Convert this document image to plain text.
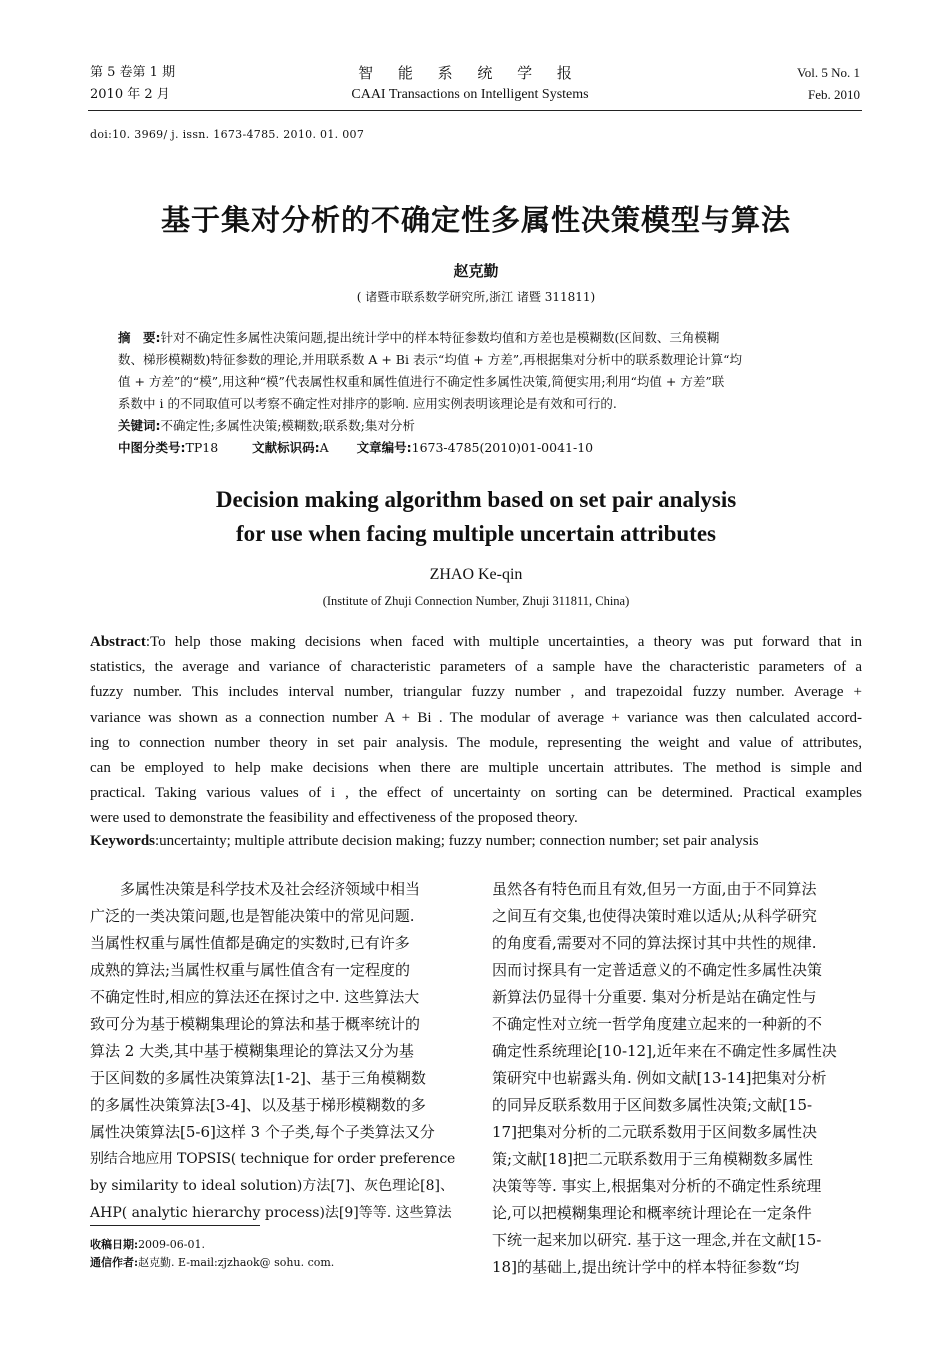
第 5 卷第 1 期
2010 年 2 月
智 能 系 统 学 报
CAAI Transactions on Intelligent Systems
Vol. 5 No. 1
Feb. 2010
doi:10. 3969/ j. issn. 1673-4785. 2010. 01. 007
基于集对分析的不确定性多属性决策模型与算法
赵克勤
( 诸暨市联系数学研究所,浙江 诸暨 311811)
摘　要:针对不确定性多属性决策问题,提出统计学中的样本特征参数均值和方差也是模糊数(区间数、三角模糊
数、梯形模糊数)特征参数的理论,并用联系数 A + Bi 表示“均值 + 方差”,再根据集对分析中的联系数理论计算“均
值 + 方差”的“模”,用这种“模”代表属性权重和属性值进行不确定性多属性决策,简便实用;利用“均值 + 方差”联
系数中 i 的不同取值可以考察不确定性对排序的影响. 应用实例表明该理论是有效和可行的.
关键词:不确定性;多属性决策;模糊数;联系数;集对分析
中图分类号:TP18	文献标识码:A 文章编号:1673-4785(2010)01-0041-10
Decision making algorithm based on set pair analysis
for use when facing multiple uncertain attributes
ZHAO Ke-qin
(Institute of Zhuji Connection Number, Zhuji 311811, China)
Abstract:To help those making decisions when faced with multiple uncertainties, a theory was put forward that in
statistics, the average and variance of characteristic parameters of a sample have the characteristic parameters of a
fuzzy number. This includes interval number, triangular fuzzy number , and trapezoidal fuzzy number. Average +
variance was shown as a connection number A + Bi . The modular of average + variance was then calculated accord-
ing to connection number theory in set pair analysis. The module, representing the weight and value of attributes,
can be employed to help make decisions when there are multiple uncertain attributes. The method is simple and
practical. Taking various values of i , the effect of uncertainty on sorting can be determined. Practical examples
were used to demonstrate the feasibility and effectiveness of the proposed theory.
Keywords:uncertainty; multiple attribute decision making; fuzzy number; connection number; set pair analysis
　　多属性决策是科学技术及社会经济领域中相当
广泛的一类决策问题,也是智能决策中的常见问题.
当属性权重与属性值都是确定的实数时,已有许多
成熟的算法;当属性权重与属性值含有一定程度的
不确定性时,相应的算法还在探讨之中. 这些算法大
致可分为基于模糊集理论的算法和基于概率统计的
算法 2 大类,其中基于模糊集理论的算法又分为基
于区间数的多属性决策算法[1-2]、基于三角模糊数
的多属性决策算法[3-4]、以及基于梯形模糊数的多
属性决策算法[5-6]这样 3 个子类,每个子类算法又分
别结合地应用 TOPSIS( technique for order preference
by similarity to ideal solution)方法[7]、灰色理论[8]、
AHP( analytic hierarchy process)法[9]等等. 这些算法
虽然各有特色而且有效,但另一方面,由于不同算法
之间互有交集,也使得决策时难以适从;从科学研究
的角度看,需要对不同的算法探讨其中共性的规律.
因而讨探具有一定普适意义的不确定性多属性决策
新算法仍显得十分重要. 集对分析是站在确定性与
不确定性对立统一哲学角度建立起来的一种新的不
确定性系统理论[10-12],近年来在不确定性多属性决
策研究中也崭露头角. 例如文献[13-14]把集对分析
的同异反联系数用于区间数多属性决策;文献[15-
17]把集对分析的二元联系数用于区间数多属性决
策;文献[18]把二元联系数用于三角模糊数多属性
决策等等. 事实上,根据集对分析的不确定性系统理
论,可以把模糊集理论和概率统计理论在一定条件
下统一起来加以研究. 基于这一理念,并在文献[15-
18]的基础上,提出统计学中的样本特征参数“均
收稿日期:2009-06-01.
通信作者:赵克勤. E-mail:zjzhaok@ sohu. com.
